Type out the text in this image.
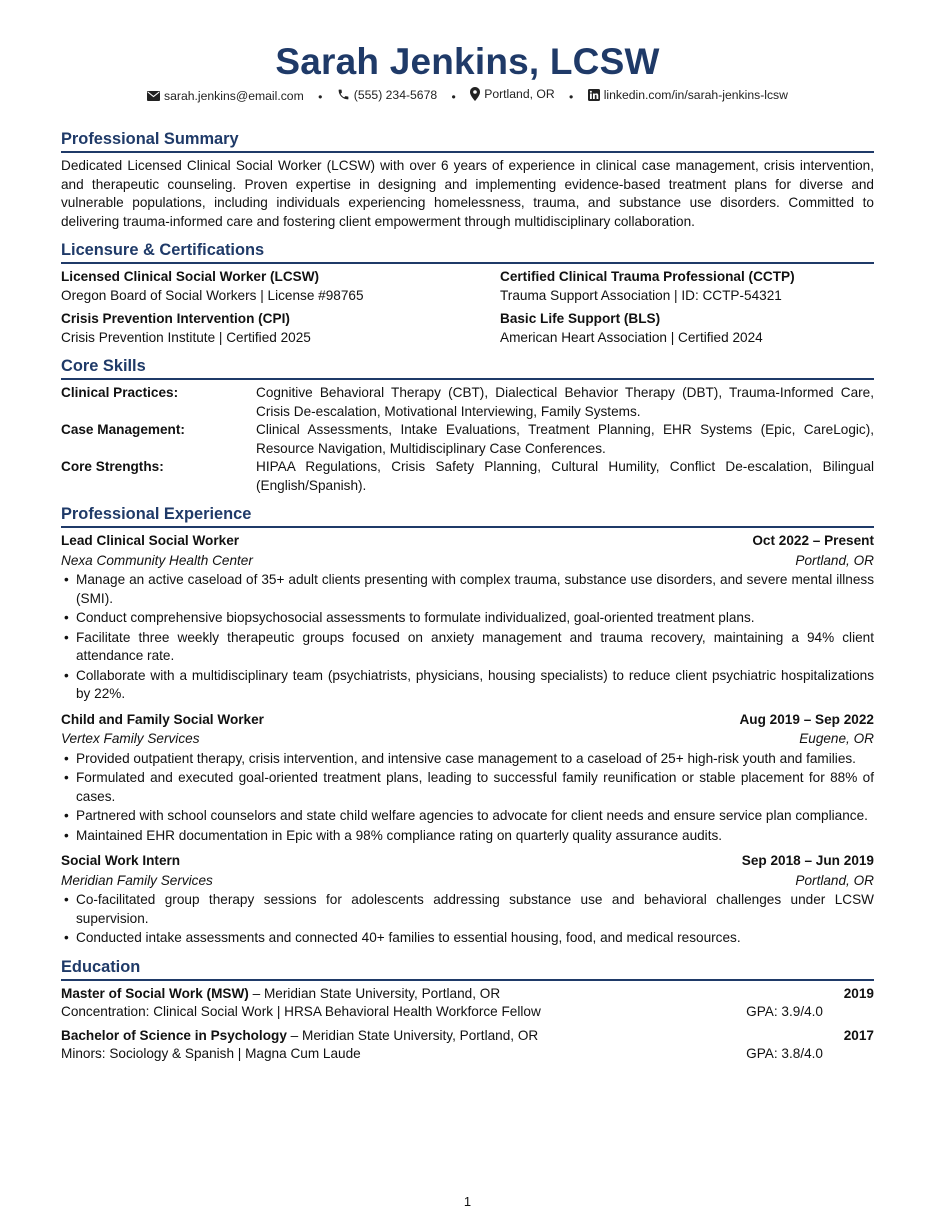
Sarah Jenkins, LCSW
sarah.jenkins@email.com •	(555) 234-5678 • Portland, OR • linkedin.com/in/sarah-jenkins-lcsw
Professional Summary
Dedicated Licensed Clinical Social Worker (LCSW) with over 6 years of experience in clinical case management, crisis intervention, and therapeutic counseling. Proven expertise in designing and implementing evidence-based treatment plans for diverse and vulnerable populations, including individuals experiencing homelessness, trauma, and substance use disorders. Committed to delivering trauma-informed care and fostering client empowerment through multidisciplinary collaboration.
Licensure & Certifications
Licensed Clinical Social Worker (LCSW)
Oregon Board of Social Workers | License #98765
Certified Clinical Trauma Professional (CCTP)
Trauma Support Association | ID: CCTP-54321
Crisis Prevention Intervention (CPI)
Crisis Prevention Institute | Certified 2025
Basic Life Support (BLS)
American Heart Association | Certified 2024
Core Skills
Clinical Practices:	Cognitive Behavioral Therapy (CBT), Dialectical Behavior Therapy (DBT), Trauma-Informed Care, Crisis De-escalation, Motivational Interviewing, Family Systems.
Case Management:	Clinical Assessments, Intake Evaluations, Treatment Planning, EHR Systems (Epic, CareLogic), Resource Navigation, Multidisciplinary Case Conferences.
Core Strengths:	HIPAA Regulations, Crisis Safety Planning, Cultural Humility, Conflict De-escalation, Bilingual (English/Spanish).
Professional Experience
Lead Clinical Social Worker	Oct 2022 – Present
Nexa Community Health Center	Portland, OR
• Manage an active caseload of 35+ adult clients presenting with complex trauma, substance use disorders, and severe mental illness (SMI).
• Conduct comprehensive biopsychosocial assessments to formulate individualized, goal-oriented treatment plans.
• Facilitate three weekly therapeutic groups focused on anxiety management and trauma recovery, maintaining a 94% client attendance rate.
• Collaborate with a multidisciplinary team (psychiatrists, physicians, housing specialists) to reduce client psychiatric hospitalizations by 22%.
Child and Family Social Worker	Aug 2019 – Sep 2022
Vertex Family Services	Eugene, OR
• Provided outpatient therapy, crisis intervention, and intensive case management to a caseload of 25+ high-risk youth and families.
• Formulated and executed goal-oriented treatment plans, leading to successful family reunification or stable placement for 88% of cases.
• Partnered with school counselors and state child welfare agencies to advocate for client needs and ensure service plan compliance.
• Maintained EHR documentation in Epic with a 98% compliance rating on quarterly quality assurance audits.
Social Work Intern	Sep 2018 – Jun 2019
Meridian Family Services	Portland, OR
• Co-facilitated group therapy sessions for adolescents addressing substance use and behavioral challenges under LCSW supervision.
• Conducted intake assessments and connected 40+ families to essential housing, food, and medical resources.
Education
Master of Social Work (MSW) – Meridian State University, Portland, OR	2019
Concentration: Clinical Social Work | HRSA Behavioral Health Workforce Fellow	GPA: 3.9/4.0
Bachelor of Science in Psychology – Meridian State University, Portland, OR	2017
Minors: Sociology & Spanish | Magna Cum Laude	GPA: 3.8/4.0
1
